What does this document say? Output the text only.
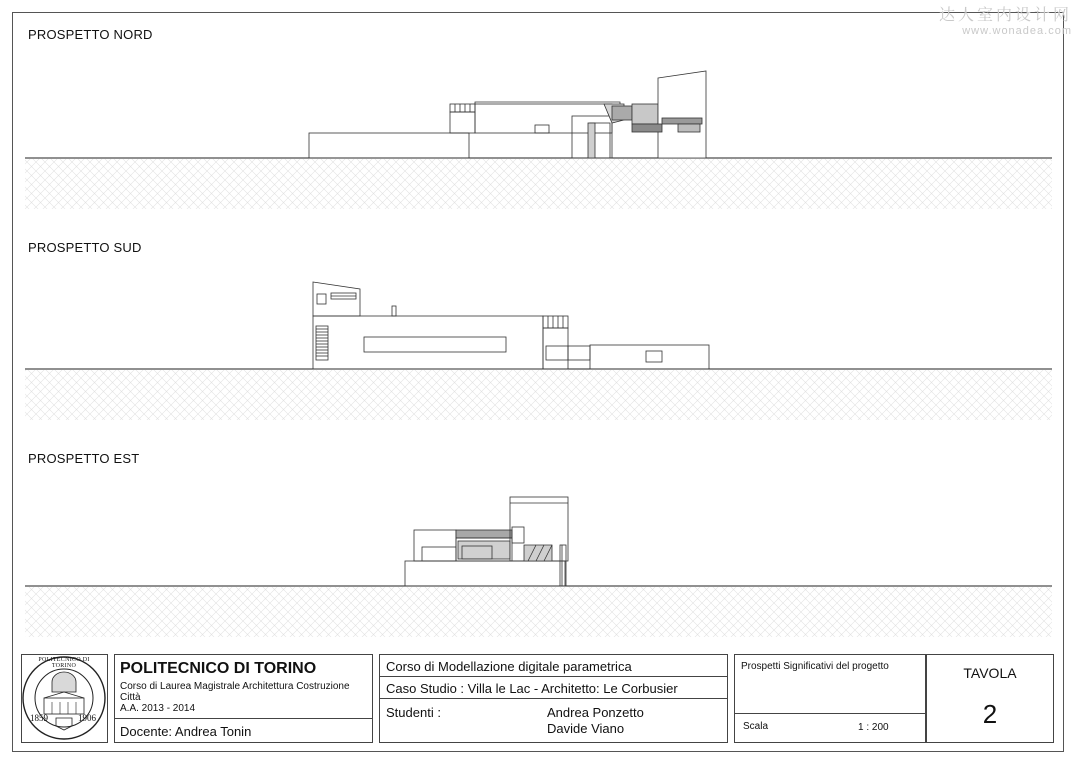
达人室内设计网
www.wonadea.com
PROSPETTO NORD
PROSPETTO SUD
PROSPETTO EST
POLITECNICO DI TORINO
1859	1906
POLITECNICO DI TORINO
Corso di Laurea Magistrale Architettura Costruzione
Città
A.A. 2013 - 2014
Docente: Andrea Tonin
Corso di Modellazione digitale parametrica
Caso Studio : Villa le Lac - Architetto: Le Corbusier
Studenti :	Andrea Ponzetto
Davide Viano
Prospetti Significativi del progetto
Scala	1 : 200
TAVOLA
2
